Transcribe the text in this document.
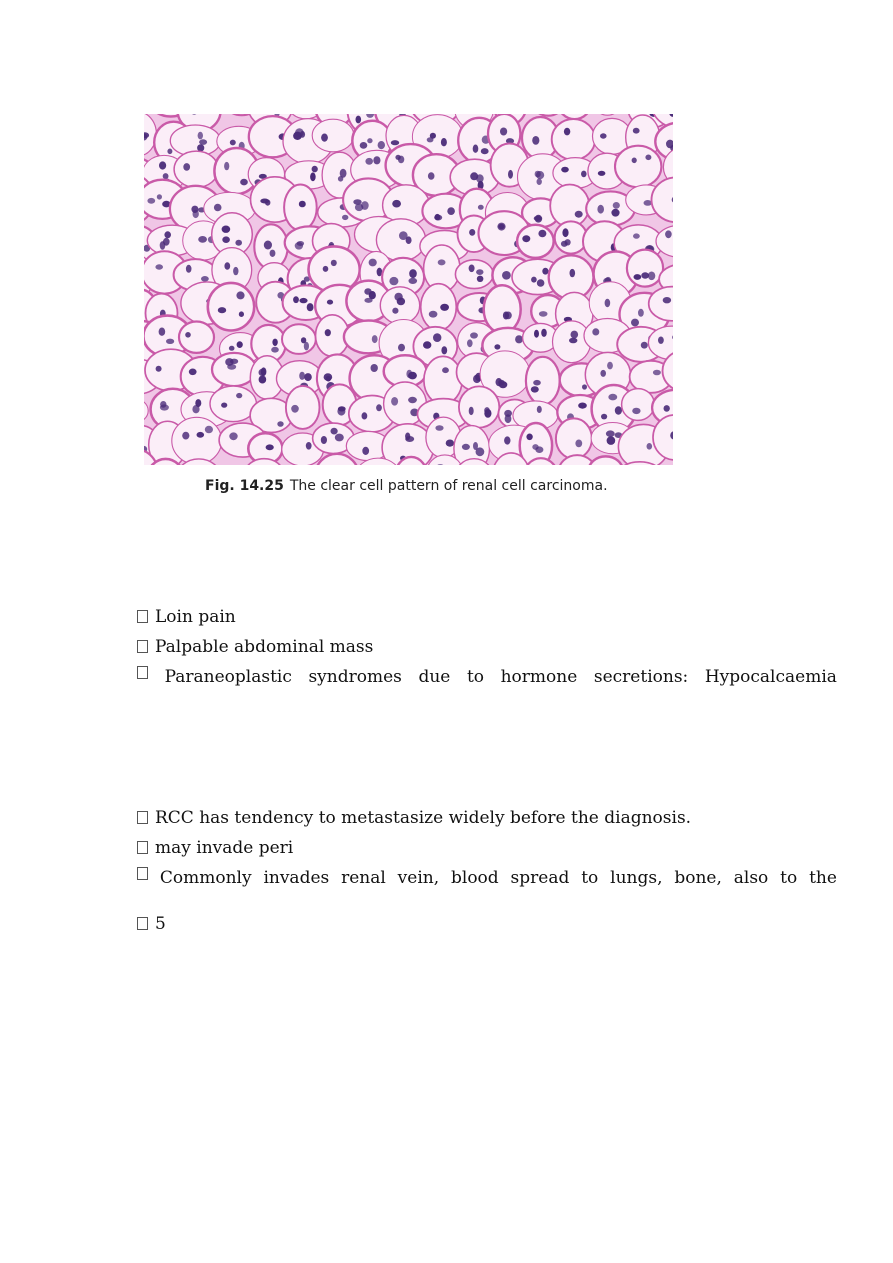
Fig. 14.25 The clear cell pattern of renal cell carcinoma.
Loin pain
Palpable abdominal mass
Paraneoplastic syndromes due to hormone secretions: Hypocalcaemia
RCC has tendency to metastasize widely before the diagnosis.
may invade peri
Commonly invades renal vein, blood spread to lungs, bone, also to the
5
